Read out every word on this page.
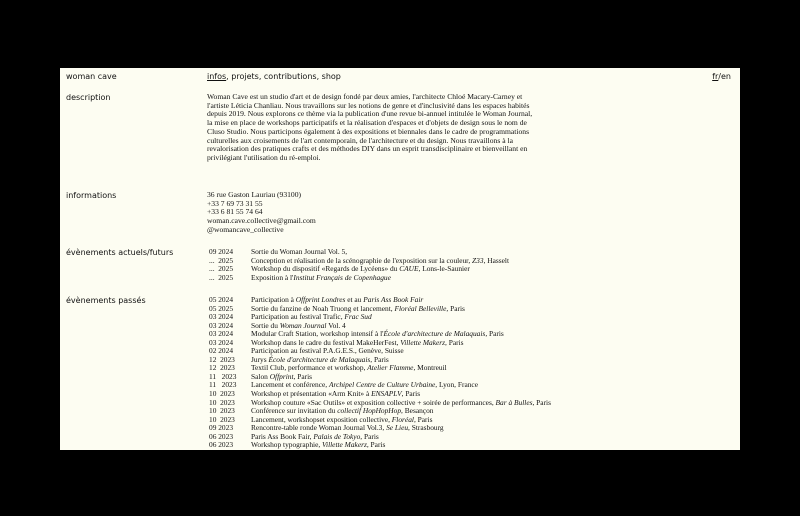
woman cave	infos, projets, contributions, shop	fr/en
description	Woman Cave est un studio d'art et de design fondé par deux amies, l'architecte Chloé Macary-Carney et l'artiste Léticia Chanliau. Nous travaillons sur les notions de genre et d'inclusivité dans les espaces habités depuis 2019. Nous explorons ce thème via la publication d'une revue bi-annuel intitulée le Woman Journal, la mise en place de workshops participatifs et la réalisation d'espaces et d'objets de design sous le nom de Cluso Studio. Nous participons également à des expositions et biennales dans le cadre de programmations culturelles aux croisements de l'art contemporain, de l'architecture et du design. Nous travaillons à la revalorisation des pratiques crafts et des méthodes DIY dans un esprit transdisciplinaire et bienveillant en privilégiant l'utilisation du ré-emploi.
informations	36 rue Gaston Lauriau (93100)
+33 7 69 73 31 55
+33 6 81 55 74 64
woman.cave.collective@gmail.com
@womancave_collective
évènements actuels/futurs	09 2024	Sortie du Woman Journal Vol. 5,
...  2025	Conception et réalisation de la scénographie de l'exposition sur la couleur, Z33, Hasselt
...  2025	Workshop du dispositif «Regards de Lycéens» du CAUE, Lons-le-Saunier
...  2025	Exposition à l'Institut Français de Copenhague
évènements passés	05 2024	Participation à Offprint Londres et au Paris Ass Book Fair
05 2025	Sortie du fanzine de Noah Truong et lancement, Floréal Belleville, Paris
03 2024	Participation au festival Trafic, Frac Sud
03 2024	Sortie du Woman Journal Vol. 4
03 2024	Modular Craft Station, workshop intensif à l'École d'architecture de Malaquais, Paris
03 2024	Workshop dans le cadre du festival MakeHerFest, Villette Makerz, Paris
02 2024	Participation au festival P.A.G.E.S., Genève, Suisse
12  2023	Jurys École d'architecture de Malaquais, Paris
12  2023	Textil Club, performance et workshop, Atelier Flamme, Montreuil
11   2023	Salon Offprint, Paris
11   2023	Lancement et conférence, Archipel Centre de Culture Urbaine, Lyon, France
10  2023	Workshop et présentation «Arm Knit» à ENSAPLV, Paris
10  2023	Workshop couture «Sac Outils» et exposition collective + soirée de performances, Bar à Bulles, Paris
10  2023	Conférence sur invitation du collectif HopHopHop, Besançon
10  2023	Lancement, workshopset exposition collective, Floréal, Paris
09 2023	Rencontre-table ronde Woman Journal Vol.3, Se Lieu, Strasbourg
06 2023	Paris Ass Book Fair, Palais de Tokyo, Paris
06 2023	Workshop typographie, Villette Makerz, Paris
